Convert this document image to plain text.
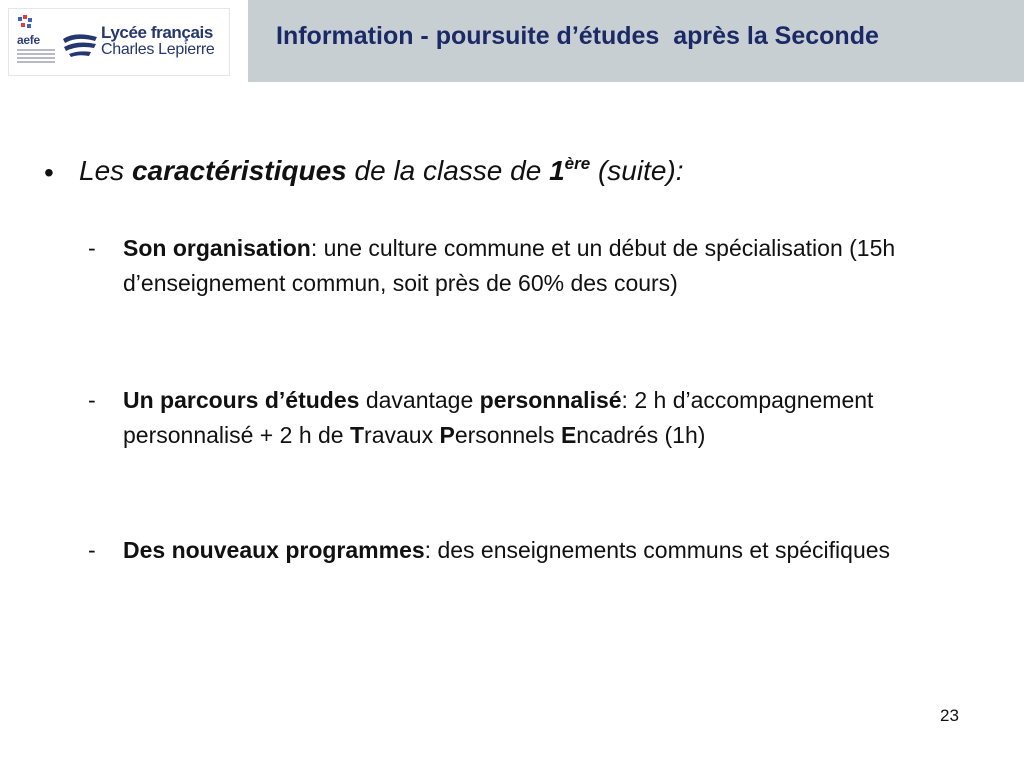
aefe	Lycée français
Charles Lepierre Information - poursuite d’études  après la Seconde
• Les caractéristiques de la classe de 1ère (suite):
- Son organisation: une culture commune et un début de spécialisation (15h d’enseignement commun, soit près de 60% des cours)
- Un parcours d’études davantage personnalisé: 2 h d’accompagnement personnalisé + 2 h de Travaux Personnels Encadrés (1h)
- Des nouveaux programmes: des enseignements communs et spécifiques
23
